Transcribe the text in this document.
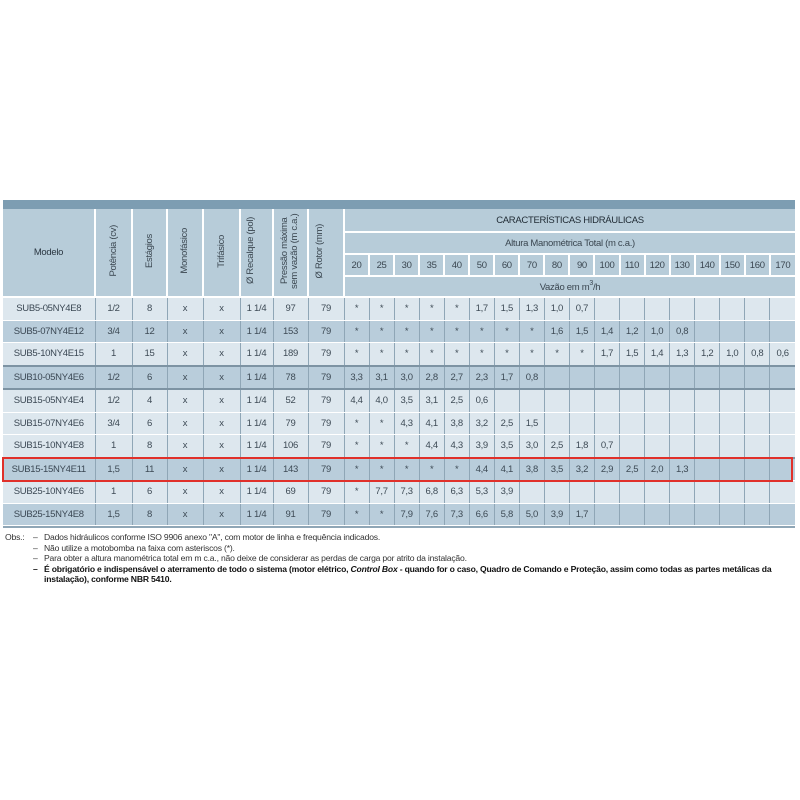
Modelo	Potência (cv)	Estágios	Monofásico	Trifásico	Ø Recalque (pol)	Pressão máxima sem vazão (m c.a.)	Ø Rotor (mm)	CARACTERÍSTICAS HIDRÁULICAS																	
								Altura Manométrica Total (m c.a.)																	
								20	25	30	35	40	50	60	70	80	90	100	110	120	130	140	150	160	170
								Vazão em $m^3/h$																	
SUB5-05NY4E8	1/2	8	x	x	1 1/4	97	79	*	*	*	*	*	1,7	1,5	1,3	1,0	0,7								
SUB5-07NY4E12	3/4	12	x	x	1 1/4	153	79	*	*	*	*	*	*	*	*	1,6	1,5	1,4	1,2	1,0	0,8				
SUB5-10NY4E15	1	15	x	x	1 1/4	189	79	*	*	*	*	*	*	*	*	*	*	1,7	1,5	1,4	1,3	1,2	1,0	0,8	0,6
SUB10-05NY4E6	1/2	6	x	x	1 1/4	78	79	3,3	3,1	3,0	2,8	2,7	2,3	1,7	0,8										
SUB15-05NY4E4	1/2	4	x	x	1 1/4	52	79	4,4	4,0	3,5	3,1	2,5	0,6												
SUB15-07NY4E6	3/4	6	x	x	1 1/4	79	79	*	*	4,3	4,1	3,8	3,2	2,5	1,5										
SUB15-10NY4E8	1	8	x	x	1 1/4	106	79	*	*	*	4,4	4,3	3,9	3,5	3,0	2,5	1,8	0,7							
SUB15-15NY4E11	1,5	11	x	x	1 1/4	143	79	*	*	*	*	*	4,4	4,1	3,8	3,5	3,2	2,9	2,5	2,0	1,3				
SUB25-10NY4E6	1	6	x	x	1 1/4	69	79	*	7,7	7,3	6,8	6,3	5,3	3,9											
SUB25-15NY4E8	1,5	8	x	x	1 1/4	91	79	*	*	7,9	7,6	7,3	6,6	5,8	5,0	3,9	1,7								
Obs.: – Dados hidráulicos conforme ISO 9906 anexo "A", com motor de linha e frequência indicados.
– Não utilize a motobomba na faixa com asteriscos (*).
– Para obter a altura manométrica total em m c.a., não deixe de considerar as perdas de carga por atrito da instalação.
– É obrigatório e indispensável o aterramento de todo o sistema (motor elétrico, Control Box - quando for o caso, Quadro de Comando e Proteção, assim como todas as partes metálicas da instalação), conforme NBR 5410.
